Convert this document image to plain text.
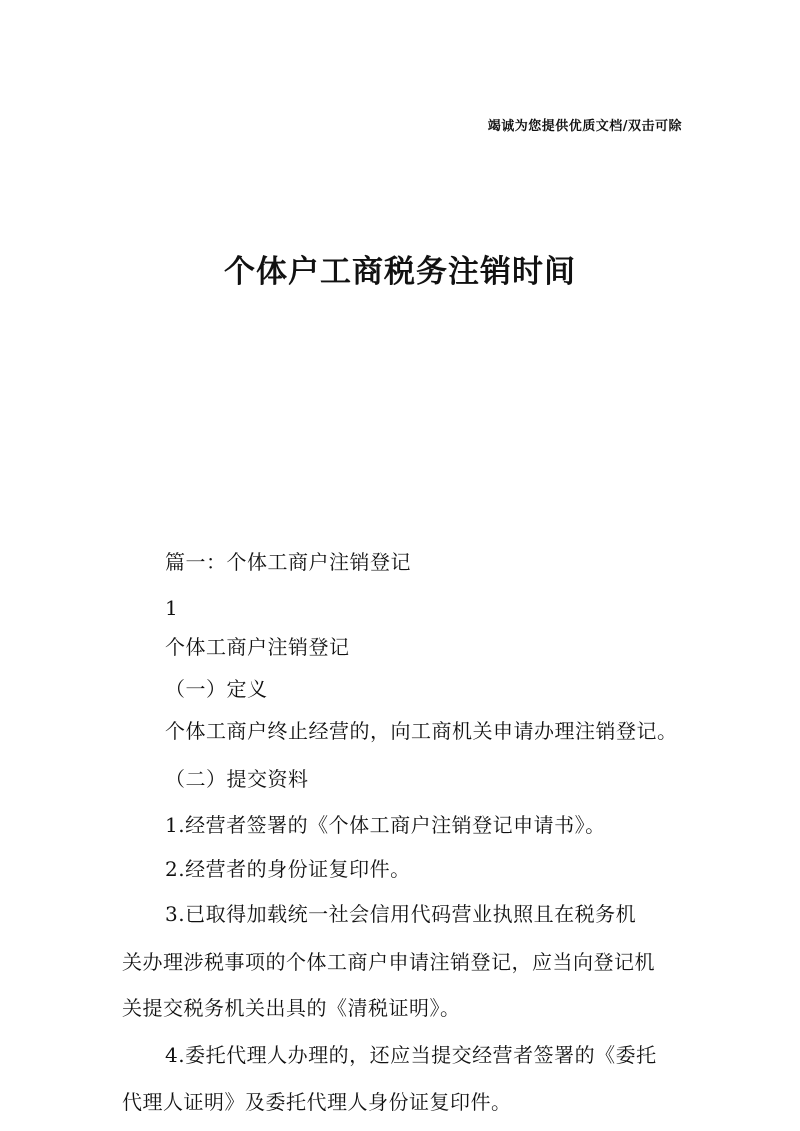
竭诚为您提供优质文档/双击可除
个体户工商税务注销时间

篇一：个体工商户注销登记

1

个体工商户注销登记

（一）定义

个体工商户终止经营的，向工商机关申请办理注销登记。

（二）提交资料

1.经营者签署的《个体工商户注销登记申请书》。

2.经营者的身份证复印件。

3.已取得加载统一社会信用代码营业执照且在税务机

关办理涉税事项的个体工商户申请注销登记，应当向登记机

关提交税务机关出具的《清税证明》。

4.委托代理人办理的，还应当提交经营者签署的《委托

代理人证明》及委托代理人身份证复印件。
